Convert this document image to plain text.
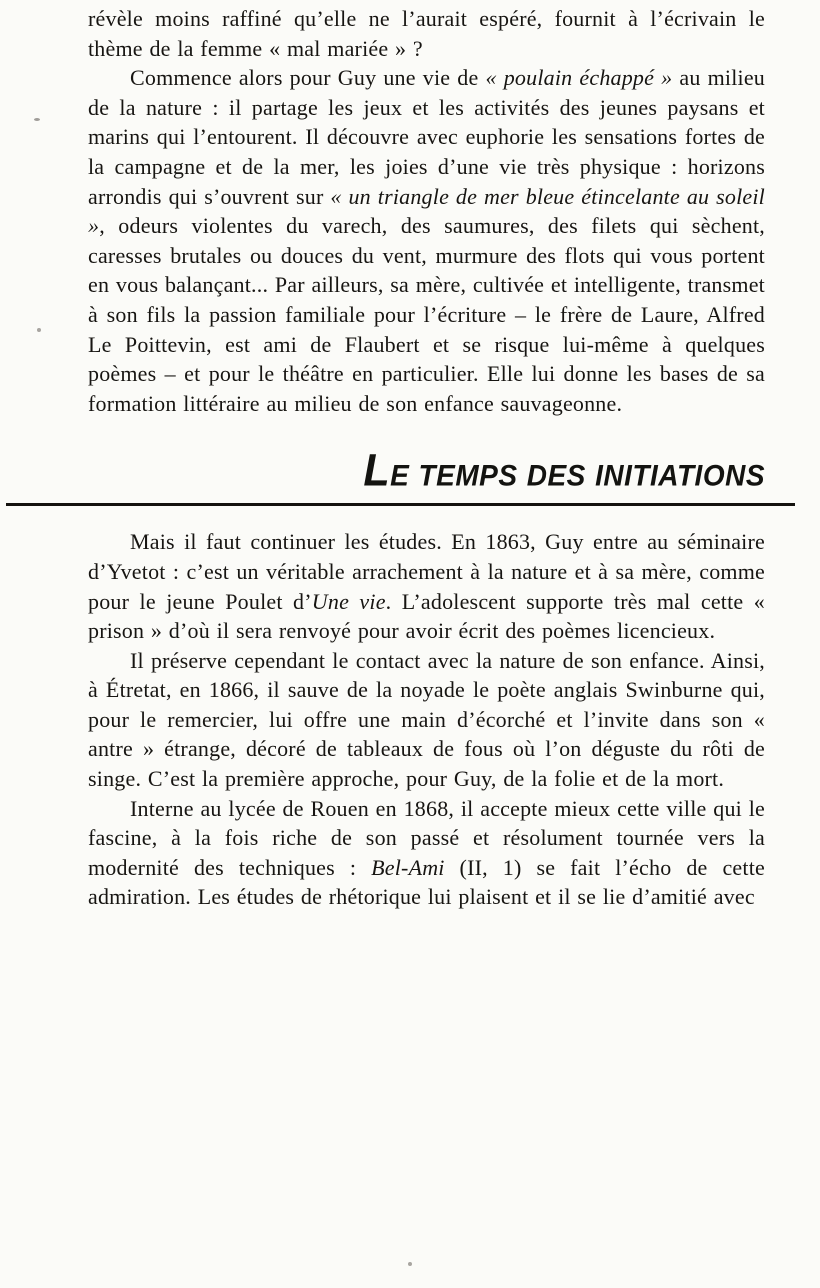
révèle moins raffiné qu’elle ne l’aurait espéré, fournit à l’écrivain le thème de la femme « mal mariée » ?

Commence alors pour Guy une vie de « poulain échappé » au milieu de la nature : il partage les jeux et les activités des jeunes paysans et marins qui l’entourent. Il découvre avec euphorie les sensations fortes de la campagne et de la mer, les joies d’une vie très physique : horizons arrondis qui s’ouvrent sur « un triangle de mer bleue étincelante au soleil », odeurs violentes du varech, des saumures, des filets qui sèchent, caresses brutales ou douces du vent, murmure des flots qui vous portent en vous balançant... Par ailleurs, sa mère, cultivée et intelligente, transmet à son fils la passion familiale pour l’écriture – le frère de Laure, Alfred Le Poittevin, est ami de Flaubert et se risque lui-même à quelques poèmes – et pour le théâtre en particulier. Elle lui donne les bases de sa formation littéraire au milieu de son enfance sauvageonne.

LE TEMPS DES INITIATIONS

Mais il faut continuer les études. En 1863, Guy entre au séminaire d’Yvetot : c’est un véritable arrachement à la nature et à sa mère, comme pour le jeune Poulet d’Une vie. L’adolescent supporte très mal cette « prison » d’où il sera renvoyé pour avoir écrit des poèmes licencieux.

Il préserve cependant le contact avec la nature de son enfance. Ainsi, à Étretat, en 1866, il sauve de la noyade le poète anglais Swinburne qui, pour le remercier, lui offre une main d’écorché et l’invite dans son « antre » étrange, décoré de tableaux de fous où l’on déguste du rôti de singe. C’est la première approche, pour Guy, de la folie et de la mort.

Interne au lycée de Rouen en 1868, il accepte mieux cette ville qui le fascine, à la fois riche de son passé et résolument tournée vers la modernité des techniques : Bel-Ami (II, 1) se fait l’écho de cette admiration. Les études de rhétorique lui plaisent et il se lie d’amitié avec
